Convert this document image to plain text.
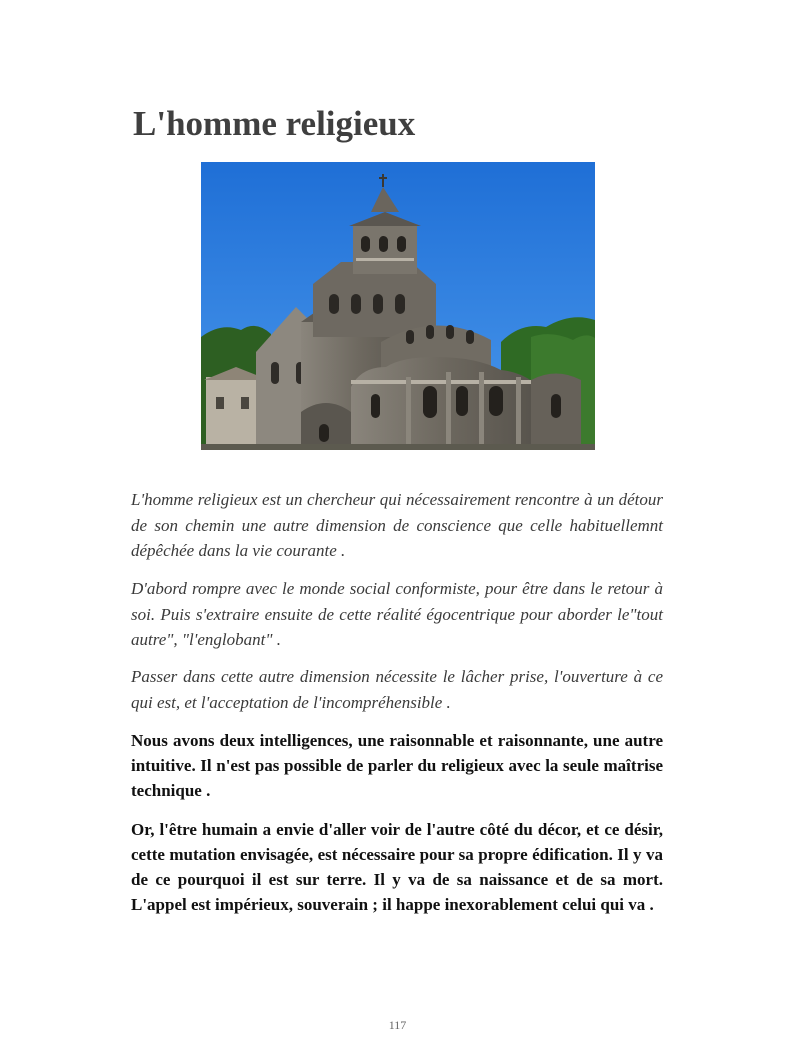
L'homme religieux

L'homme religieux est un chercheur qui nécessairement rencontre à un détour de son chemin une autre dimension de conscience que celle habituellemnt dépêchée dans la vie courante .

D'abord rompre avec le monde social conformiste, pour être dans le retour à soi. Puis s'extraire ensuite de cette réalité égocentrique pour aborder le"tout autre", "l'englobant" .

Passer dans cette autre dimension nécessite le lâcher prise, l'ouverture à ce qui est, et l'acceptation de l'incompréhensible .

Nous avons deux intelligences, une raisonnable et raisonnante, une autre intuitive. Il n'est pas possible de parler du religieux avec la seule maîtrise technique .

Or, l'être humain a envie d'aller voir de l'autre côté du décor, et ce désir, cette mutation envisagée, est nécessaire pour sa propre édification. Il y va de ce pourquoi il est sur terre. Il y va de sa naissance et de sa mort. L'appel est impérieux, souverain ; il happe inexorablement celui qui va .

117
